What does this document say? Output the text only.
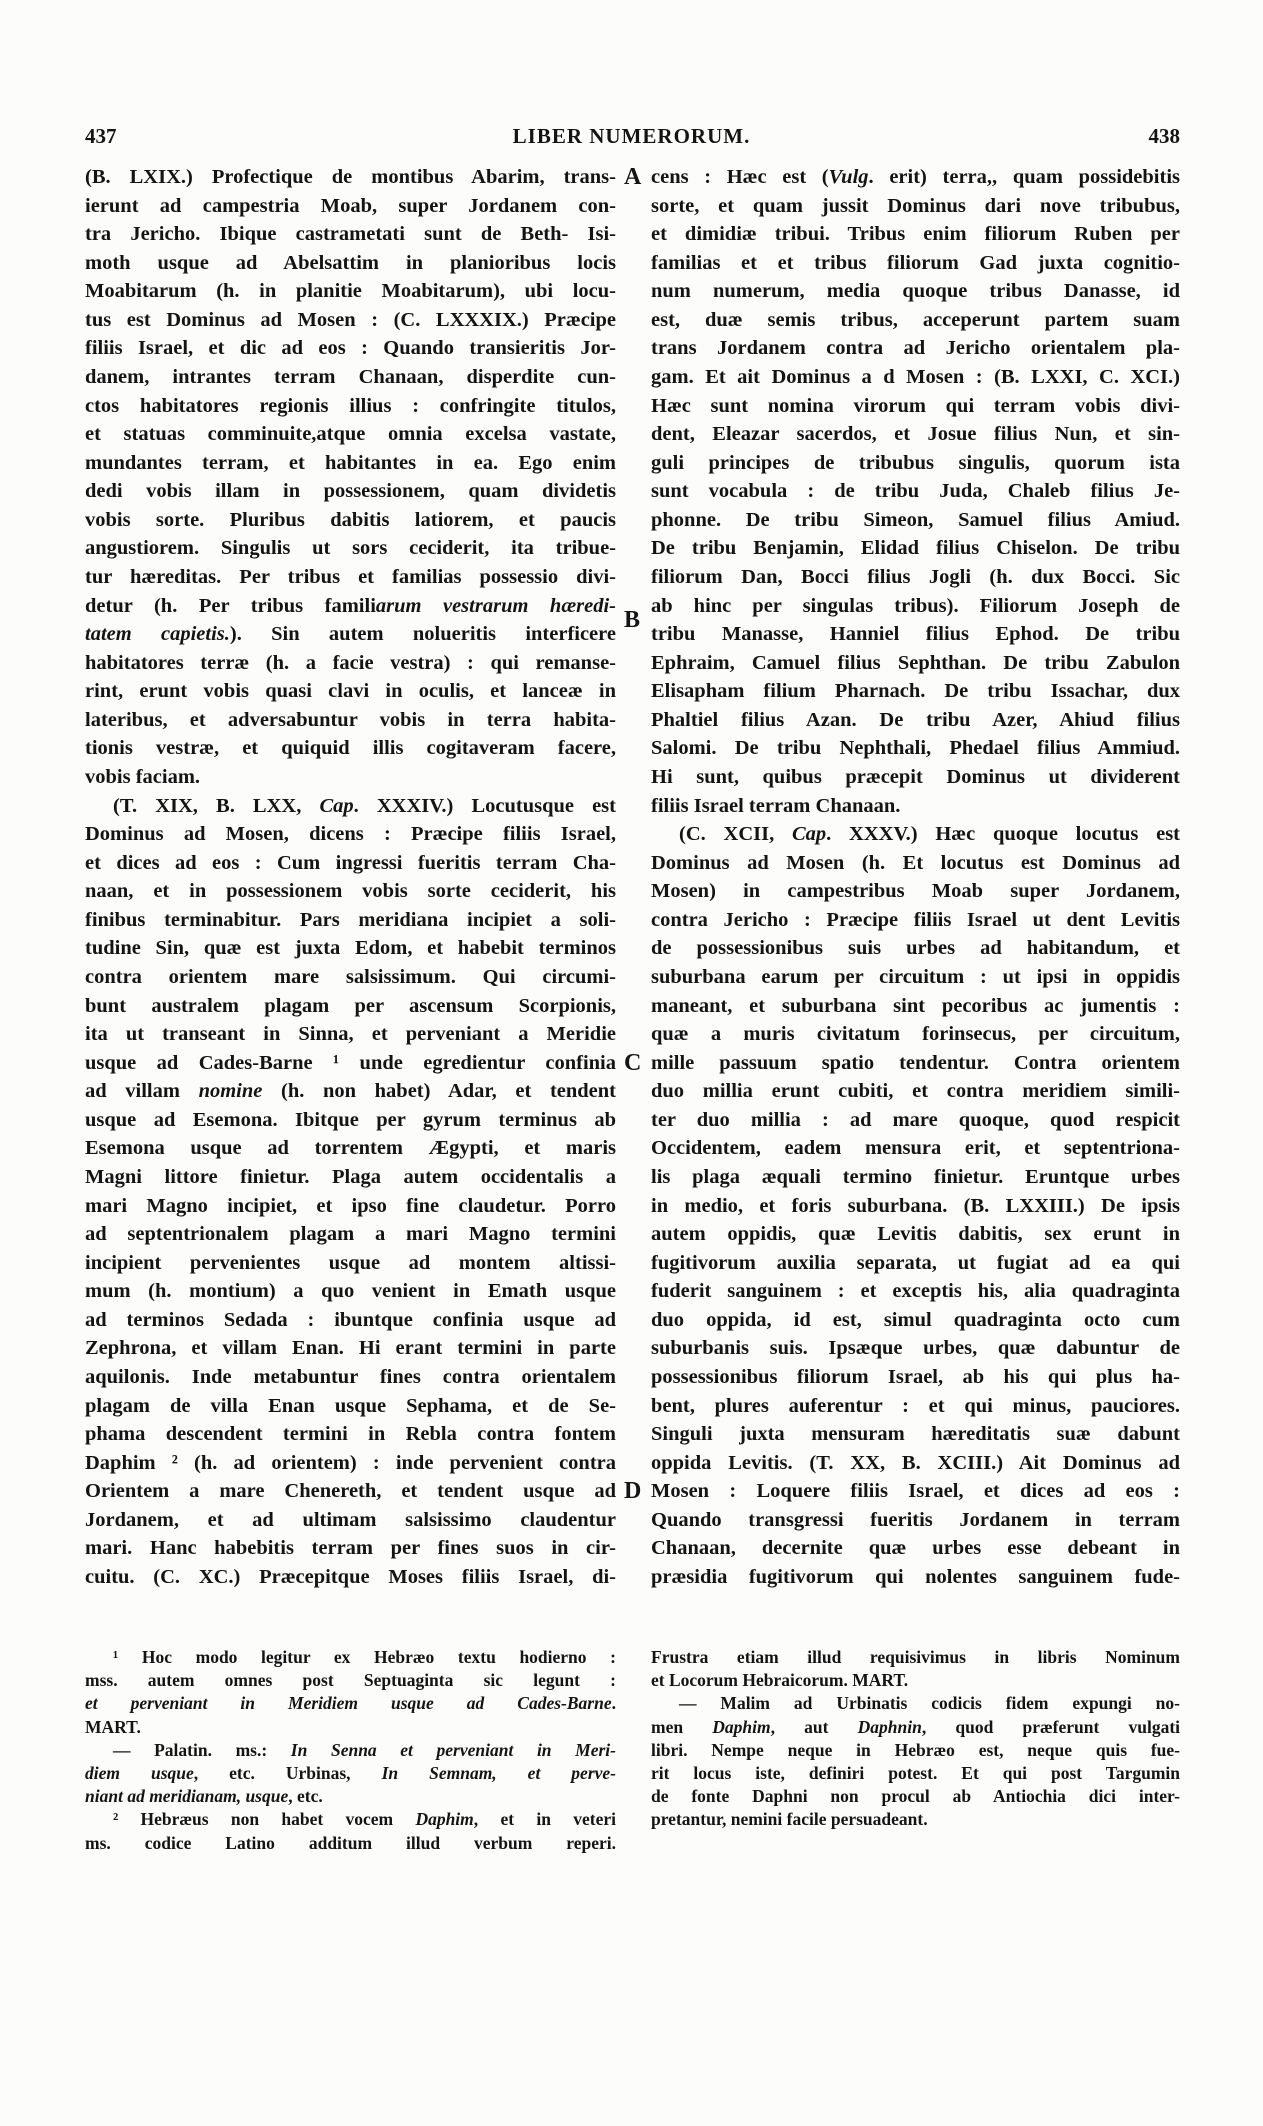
437	LIBER NUMERORUM.	438
(B. LXIX.) Profectique de montibus Abarim, trans-
ierunt ad campestria Moab, super Jordanem con-
tra Jericho. Ibique castrametati sunt de Beth- Isi-
moth usque ad Abelsattim in planioribus locis
Moabitarum (h. in planitie Moabitarum), ubi locu-
tus est Dominus ad Mosen : (C. LXXXIX.) Præcipe
filiis Israel, et dic ad eos : Quando transieritis Jor-
danem, intrantes terram Chanaan, disperdite cun-
ctos habitatores regionis illius : confringite titulos,
et statuas comminuite,atque omnia excelsa vastate,
mundantes terram, et habitantes in ea. Ego enim
dedi vobis illam in possessionem, quam dividetis
vobis sorte. Pluribus dabitis latiorem, et paucis
angustiorem. Singulis ut sors ceciderit, ita tribue-
tur hæreditas. Per tribus et familias possessio divi-
detur (h. Per tribus familiarum vestrarum hæredi-
tatem capietis.). Sin autem nolueritis interficere
habitatores terræ (h. a facie vestra) : qui remanse-
rint, erunt vobis quasi clavi in oculis, et lanceæ in
lateribus, et adversabuntur vobis in terra habita-
tionis vestræ, et quiquid illis cogitaveram facere,
vobis faciam.
(T. XIX, B. LXX, Cap. XXXIV.) Locutusque est
Dominus ad Mosen, dicens : Præcipe filiis Israel,
et dices ad eos : Cum ingressi fueritis terram Cha-
naan, et in possessionem vobis sorte ceciderit, his
finibus terminabitur. Pars meridiana incipiet a soli-
tudine Sin, quæ est juxta Edom, et habebit terminos
contra orientem mare salsissimum. Qui circumi-
bunt australem plagam per ascensum Scorpionis,
ita ut transeant in Sinna, et perveniant a Meridie
usque ad Cades-Barne ¹ unde egredientur confinia
ad villam nomine (h. non habet) Adar, et tendent
usque ad Esemona. Ibitque per gyrum terminus ab
Esemona usque ad torrentem Ægypti, et maris
Magni littore finietur. Plaga autem occidentalis a
mari Magno incipiet, et ipso fine claudetur. Porro
ad septentrionalem plagam a mari Magno termini
incipient pervenientes usque ad montem altissi-
mum (h. montium) a quo venient in Emath usque
ad terminos Sedada : ibuntque confinia usque ad
Zephrona, et villam Enan. Hi erant termini in parte
aquilonis. Inde metabuntur fines contra orientalem
plagam de villa Enan usque Sephama, et de Se-
phama descendent termini in Rebla contra fontem
Daphim ² (h. ad orientem) : inde pervenient contra
Orientem a mare Chenereth, et tendent usque ad
Jordanem, et ad ultimam salsissimo claudentur
mari. Hanc habebitis terram per fines suos in cir-
cuitu. (C. XC.) Præcepitque Moses filiis Israel, di-
cens : Hæc est (Vulg. erit) terra,, quam possidebitis
sorte, et quam jussit Dominus dari nove tribubus,
et dimidiæ tribui. Tribus enim filiorum Ruben per
familias et et tribus filiorum Gad juxta cognitio-
num numerum, media quoque tribus Danasse, id
est, duæ semis tribus, acceperunt partem suam
trans Jordanem contra ad Jericho orientalem pla-
gam. Et ait Dominus a d Mosen : (B. LXXI, C. XCI.)
Hæc sunt nomina virorum qui terram vobis divi-
dent, Eleazar sacerdos, et Josue filius Nun, et sin-
guli principes de tribubus singulis, quorum ista
sunt vocabula : de tribu Juda, Chaleb filius Je-
phonne. De tribu Simeon, Samuel filius Amiud.
De tribu Benjamin, Elidad filius Chiselon. De tribu
filiorum Dan, Bocci filius Jogli (h. dux Bocci. Sic
ab hinc per singulas tribus). Filiorum Joseph de
tribu Manasse, Hanniel filius Ephod. De tribu
Ephraim, Camuel filius Sephthan. De tribu Zabulon
Elisapham filium Pharnach. De tribu Issachar, dux
Phaltiel filius Azan. De tribu Azer, Ahiud filius
Salomi. De tribu Nephthali, Phedael filius Ammiud.
Hi sunt, quibus præcepit Dominus ut dividerent
filiis Israel terram Chanaan.
(C. XCII, Cap. XXXV.) Hæc quoque locutus est
Dominus ad Mosen (h. Et locutus est Dominus ad
Mosen) in campestribus Moab super Jordanem,
contra Jericho : Præcipe filiis Israel ut dent Levitis
de possessionibus suis urbes ad habitandum, et
suburbana earum per circuitum : ut ipsi in oppidis
maneant, et suburbana sint pecoribus ac jumentis :
quæ a muris civitatum forinsecus, per circuitum,
mille passuum spatio tendentur. Contra orientem
duo millia erunt cubiti, et contra meridiem simili-
ter duo millia : ad mare quoque, quod respicit
Occidentem, eadem mensura erit, et septentriona-
lis plaga æquali termino finietur. Eruntque urbes
in medio, et foris suburbana. (B. LXXIII.) De ipsis
autem oppidis, quæ Levitis dabitis, sex erunt in
fugitivorum auxilia separata, ut fugiat ad ea qui
fuderit sanguinem : et exceptis his, alia quadraginta
duo oppida, id est, simul quadraginta octo cum
suburbanis suis. Ipsæque urbes, quæ dabuntur de
possessionibus filiorum Israel, ab his qui plus ha-
bent, plures auferentur : et qui minus, pauciores.
Singuli juxta mensuram hæreditatis suæ dabunt
oppida Levitis. (T. XX, B. XCIII.) Ait Dominus ad
Mosen : Loquere filiis Israel, et dices ad eos :
Quando transgressi fueritis Jordanem in terram
Chanaan, decernite quæ urbes esse debeant in
præsidia fugitivorum qui nolentes sanguinem fude-
A
B
C
D
¹ Hoc modo legitur ex Hebræo textu hodierno :
mss. autem omnes post Septuaginta sic legunt :
et perveniant in Meridiem usque ad Cades-Barne.
MART.
— Palatin. ms.: In Senna et perveniant in Meri-
diem usque, etc. Urbinas, In Semnam, et perve-
niant ad meridianam, usque, etc.
² Hebræus non habet vocem Daphim, et in veteri
ms. codice Latino additum illud verbum reperi.
Frustra etiam illud requisivimus in libris Nominum
et Locorum Hebraicorum. MART.
— Malim ad Urbinatis codicis fidem expungi no-
men Daphim, aut Daphnin, quod præferunt vulgati
libri. Nempe neque in Hebræo est, neque quis fue-
rit locus iste, definiri potest. Et qui post Targumin
de fonte Daphni non procul ab Antiochia dici inter-
pretantur, nemini facile persuadeant.
